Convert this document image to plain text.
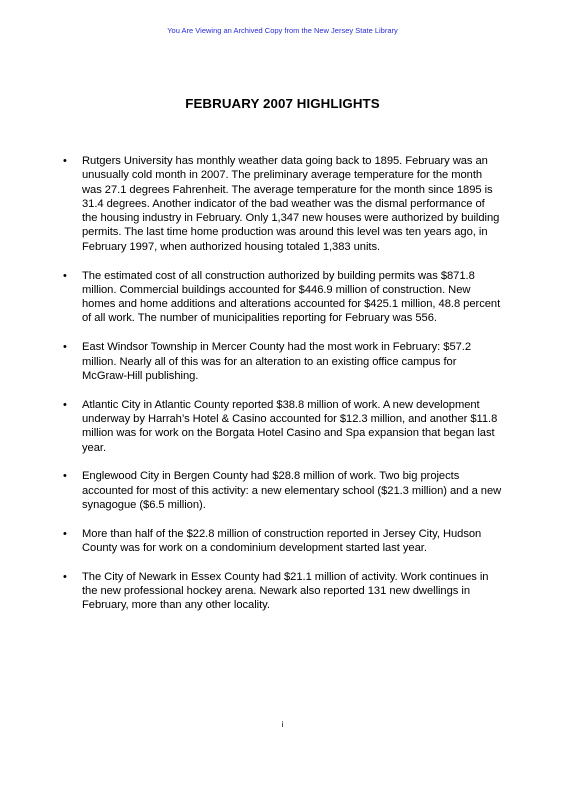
You Are Viewing an Archived Copy from the New Jersey State Library
FEBRUARY 2007 HIGHLIGHTS
• Rutgers University has monthly weather data going back to 1895. February was an unusually cold month in 2007. The preliminary average temperature for the month was 27.1 degrees Fahrenheit. The average temperature for the month since 1895 is 31.4 degrees. Another indicator of the bad weather was the dismal performance of the housing industry in February. Only 1,347 new houses were authorized by building permits. The last time home production was around this level was ten years ago, in February 1997, when authorized housing totaled 1,383 units.
• The estimated cost of all construction authorized by building permits was $871.8 million. Commercial buildings accounted for $446.9 million of construction. New homes and home additions and alterations accounted for $425.1 million, 48.8 percent of all work. The number of municipalities reporting for February was 556.
• East Windsor Township in Mercer County had the most work in February: $57.2 million. Nearly all of this was for an alteration to an existing office campus for McGraw-Hill publishing.
• Atlantic City in Atlantic County reported $38.8 million of work. A new development underway by Harrah’s Hotel & Casino accounted for $12.3 million, and another $11.8 million was for work on the Borgata Hotel Casino and Spa expansion that began last year.
• Englewood City in Bergen County had $28.8 million of work. Two big projects accounted for most of this activity: a new elementary school ($21.3 million) and a new synagogue ($6.5 million).
• More than half of the $22.8 million of construction reported in Jersey City, Hudson County was for work on a condominium development started last year.
• The City of Newark in Essex County had $21.1 million of activity. Work continues in the new professional hockey arena. Newark also reported 131 new dwellings in February, more than any other locality.
i
